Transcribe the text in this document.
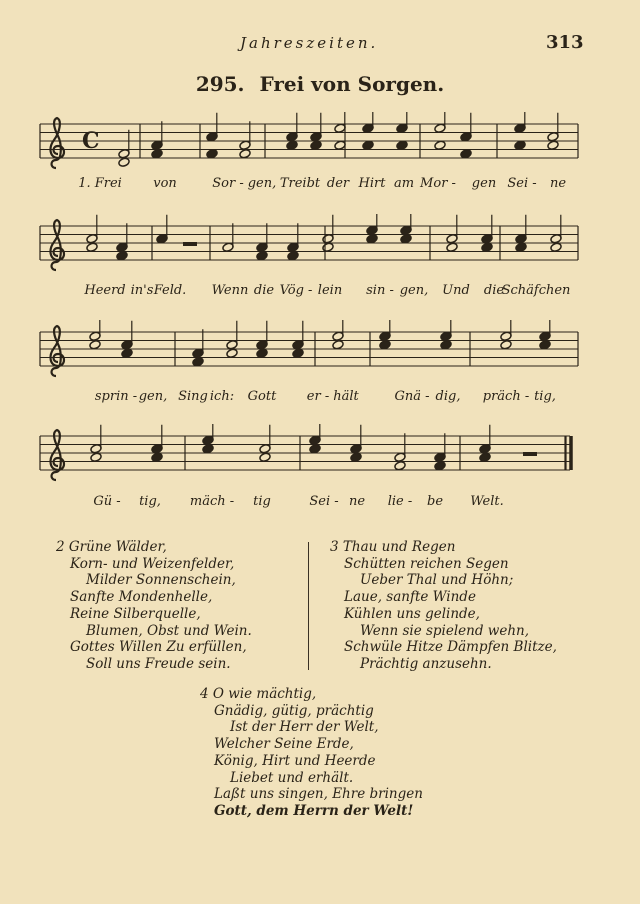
Jahreszeiten.	313
295. Frei von Sorgen.
C
1. Frei von	Sor - gen, Treibt der Hirt am Mor - gen Sei - ne
Heerd in's Feld. Wenn die Vög - lein sin - gen, Und die
Schäfchen
sprin - gen, Sing ich: Gott er - hält	Gnä - dig, präch - tig,
Gü - tig, mäch - tig	Sei - ne lie - be Welt.
2 Grüne Wälder,
Korn- und Weizenfelder,
Milder Sonnenschein,
Sanfte Mondenhelle,
Reine Silberquelle,
Blumen, Obst und Wein.
Gottes Willen Zu erfüllen,
Soll uns Freude sein.
3 Thau und Regen
Schütten reichen Segen
Ueber Thal und Höhn;
Laue, sanfte Winde
Kühlen uns gelinde,
Wenn sie spielend wehn,
Schwüle Hitze Dämpfen Blitze,
Prächtig anzusehn.
4 O wie mächtig,
Gnädig, gütig, prächtig
Ist der Herr der Welt,
Welcher Seine Erde,
König, Hirt und Heerde
Liebet und erhält.
Laßt uns singen, Ehre bringen
Gott, dem Herrn der Welt!
